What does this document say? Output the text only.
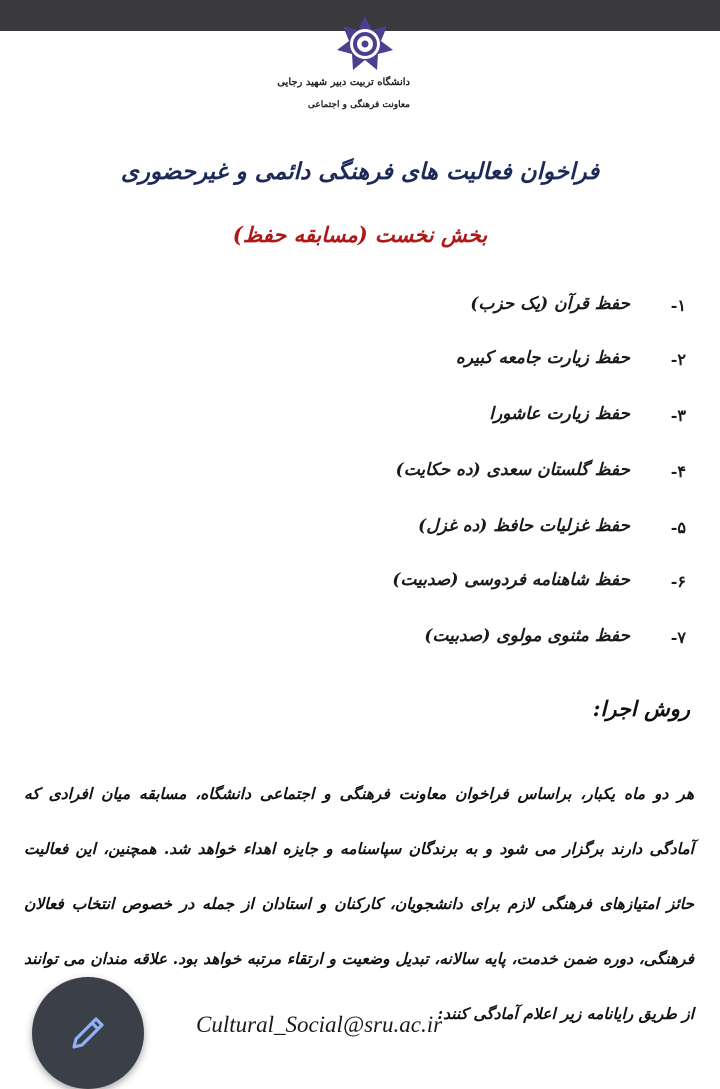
دانشگاه تربیت دبیر شهید رجایی
معاونت فرهنگی و اجتماعی
فراخوان فعالیت های فرهنگی دائمی و غیرحضوری
بخش نخست (مسابقه حفظ)
۱-
حفظ قرآن (یک حزب)
۲-
حفظ زیارت جامعه کبیره
۳-
حفظ زیارت عاشورا
۴-
حفظ گلستان سعدی (ده حکایت)
۵-
حفظ غزلیات حافظ (ده غزل)
۶-
حفظ شاهنامه فردوسی (صدبیت)
۷-
حفظ مثنوی مولوی (صدبیت)
روش اجرا:
هر دو ماه یکبار، براساس فراخوان معاونت فرهنگی و اجتماعی دانشگاه، مسابقه میان افرادی که آمادگی دارند برگزار می شود و به برندگان سپاسنامه و جایزه اهداء خواهد شد. همچنین، این فعالیت حائز امتیازهای فرهنگی لازم برای دانشجویان، کارکنان و استادان از جمله در خصوص انتخاب فعالان فرهنگی، دوره ضمن خدمت، پایه سالانه، تبدیل وضعیت و ارتقاء مرتبه خواهد بود. علاقه مندان می توانند از طریق رایانامه زیر اعلام آمادگی کنند:
Cultural_Social@sru.ac.ir
